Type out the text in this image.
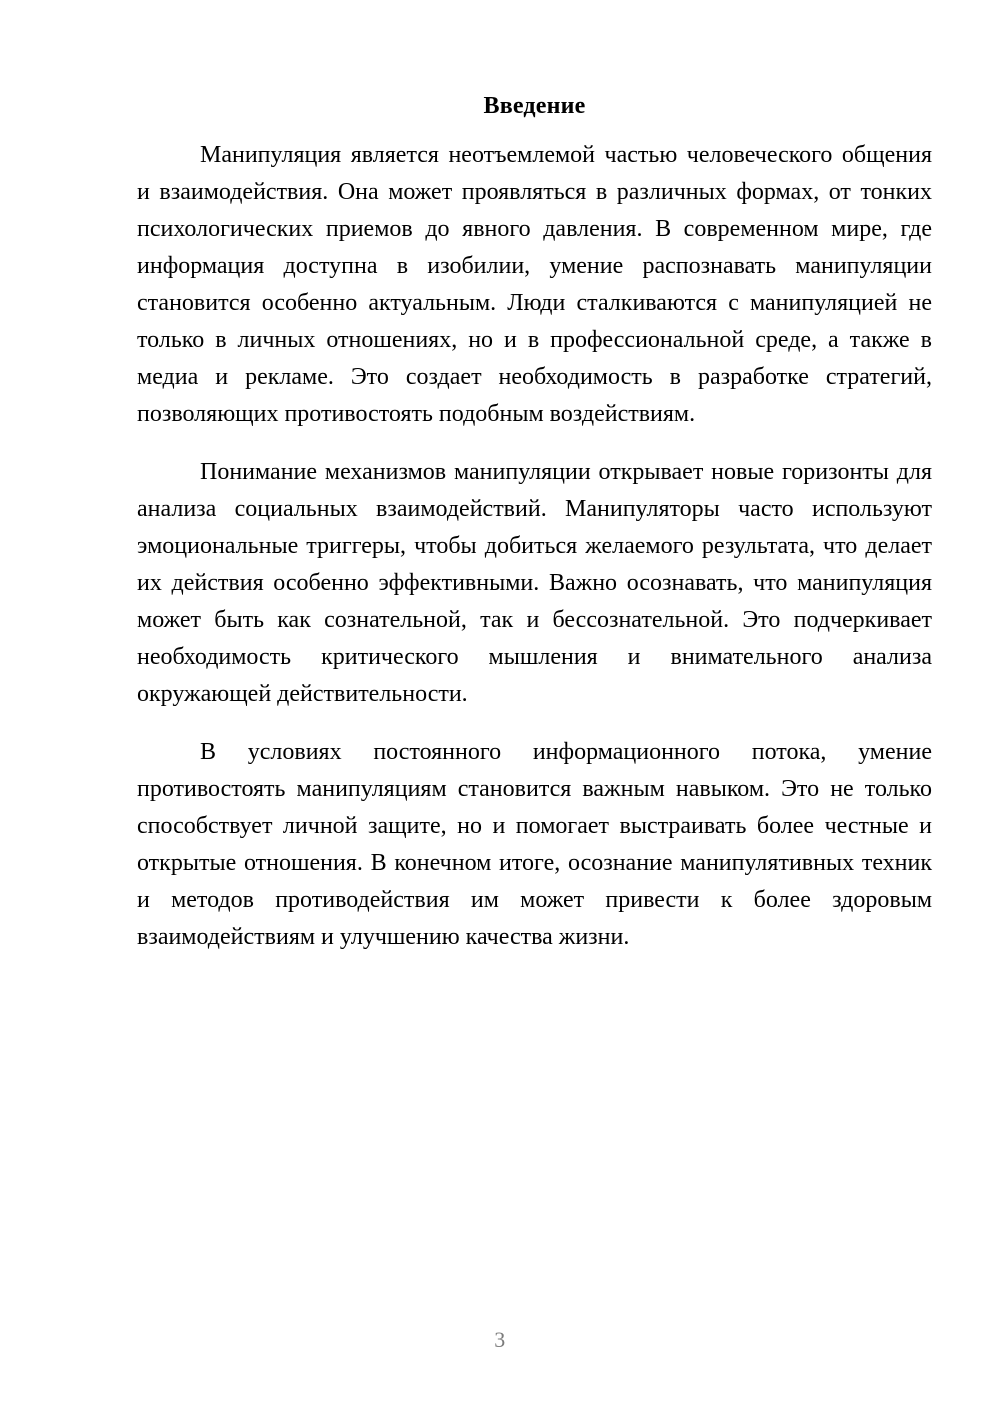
Введение

Манипуляция является неотъемлемой частью человеческого общения и взаимодействия. Она может проявляться в различных формах, от тонких психологических приемов до явного давления. В современном мире, где информация доступна в изобилии, умение распознавать манипуляции становится особенно актуальным. Люди сталкиваются с манипуляцией не только в личных отношениях, но и в профессиональной среде, а также в медиа и рекламе. Это создает необходимость в разработке стратегий, позволяющих противостоять подобным воздействиям.

Понимание механизмов манипуляции открывает новые горизонты для анализа социальных взаимодействий. Манипуляторы часто используют эмоциональные триггеры, чтобы добиться желаемого результата, что делает их действия особенно эффективными. Важно осознавать, что манипуляция может быть как сознательной, так и бессознательной. Это подчеркивает необходимость критического мышления и внимательного анализа окружающей действительности.

В условиях постоянного информационного потока, умение противостоять манипуляциям становится важным навыком. Это не только способствует личной защите, но и помогает выстраивать более честные и открытые отношения. В конечном итоге, осознание манипулятивных техник и методов противодействия им может привести к более здоровым взаимодействиям и улучшению качества жизни.

3
